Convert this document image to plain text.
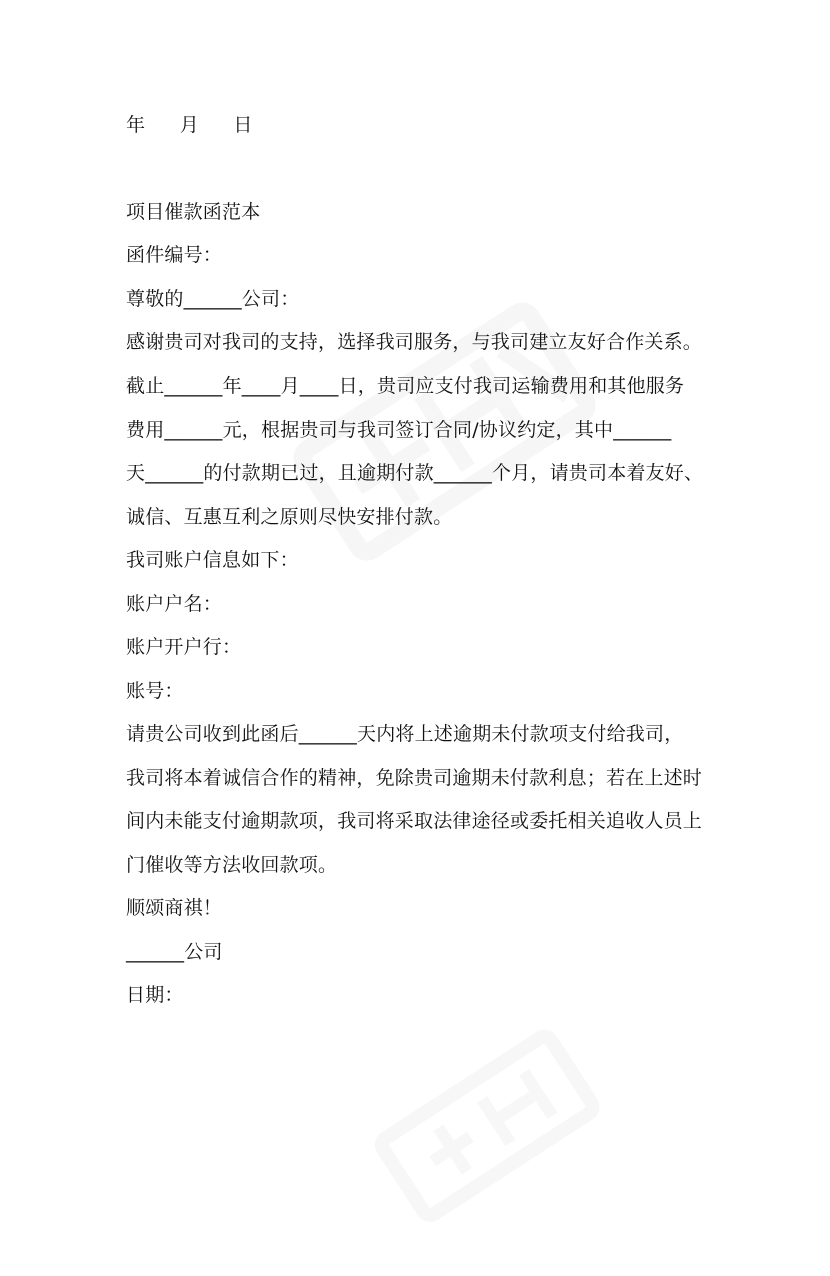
年 月 日
项目催款函范本
函件编号：
尊敬的______公司：
感谢贵司对我司的支持，选择我司服务，与我司建立友好合作关系。
截止______年____月____日，贵司应支付我司运输费用和其他服务
费用______元，根据贵司与我司签订合同/协议约定，其中______
天______的付款期已过，且逾期付款______个月，请贵司本着友好、
诚信、互惠互利之原则尽快安排付款。
我司账户信息如下：
账户户名：
账户开户行：
账号：
请贵公司收到此函后______天内将上述逾期未付款项支付给我司，
我司将本着诚信合作的精神，免除贵司逾期未付款利息；若在上述时
间内未能支付逾期款项，我司将采取法律途径或委托相关追收人员上
门催收等方法收回款项。
顺颂商祺！
______公司
日期：
